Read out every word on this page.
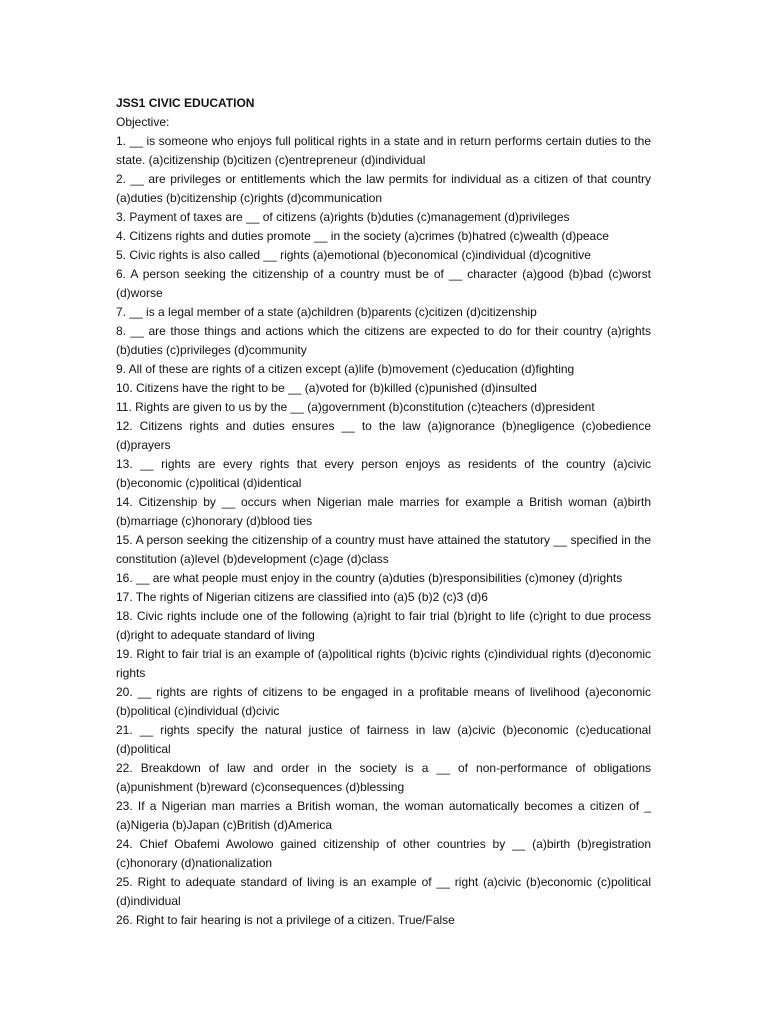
JSS1 CIVIC EDUCATION

Objective:

1. __ is someone who enjoys full political rights in a state and in return performs certain duties to the state. (a)citizenship (b)citizen (c)entrepreneur (d)individual

2. __ are privileges or entitlements which the law permits for individual as a citizen of that country (a)duties (b)citizenship (c)rights (d)communication

3. Payment of taxes are __ of citizens (a)rights (b)duties (c)management (d)privileges

4. Citizens rights and duties promote __ in the society (a)crimes (b)hatred (c)wealth (d)peace

5. Civic rights is also called __ rights (a)emotional (b)economical (c)individual (d)cognitive

6. A person seeking the citizenship of a country must be of __ character (a)good (b)bad (c)worst (d)worse

7. __ is a legal member of a state (a)children (b)parents (c)citizen (d)citizenship

8. __ are those things and actions which the citizens are expected to do for their country (a)rights (b)duties (c)privileges (d)community

9. All of these are rights of a citizen except (a)life (b)movement (c)education (d)fighting

10. Citizens have the right to be __ (a)voted for (b)killed (c)punished (d)insulted

11. Rights are given to us by the __ (a)government (b)constitution (c)teachers (d)president

12. Citizens rights and duties ensures __ to the law (a)ignorance (b)negligence (c)obedience (d)prayers

13. __ rights are every rights that every person enjoys as residents of the country (a)civic (b)economic (c)political (d)identical

14. Citizenship by __ occurs when Nigerian male marries for example a British woman (a)birth (b)marriage (c)honorary (d)blood ties

15. A person seeking the citizenship of a country must have attained the statutory __ specified in the constitution (a)level (b)development (c)age (d)class

16. __ are what people must enjoy in the country (a)duties (b)responsibilities (c)money (d)rights

17. The rights of Nigerian citizens are classified into (a)5 (b)2 (c)3 (d)6

18. Civic rights include one of the following (a)right to fair trial (b)right to life (c)right to due process (d)right to adequate standard of living

19. Right to fair trial is an example of (a)political rights (b)civic rights (c)individual rights (d)economic rights

20. __ rights are rights of citizens to be engaged in a profitable means of livelihood (a)economic (b)political (c)individual (d)civic

21. __ rights specify the natural justice of fairness in law (a)civic (b)economic (c)educational (d)political

22. Breakdown of law and order in the society is a __ of non-performance of obligations (a)punishment (b)reward (c)consequences (d)blessing

23. If a Nigerian man marries a British woman, the woman automatically becomes a citizen of _ (a)Nigeria (b)Japan (c)British (d)America

24. Chief Obafemi Awolowo gained citizenship of other countries by __ (a)birth (b)registration (c)honorary (d)nationalization

25. Right to adequate standard of living is an example of __ right (a)civic (b)economic (c)political (d)individual

26. Right to fair hearing is not a privilege of a citizen. True/False
